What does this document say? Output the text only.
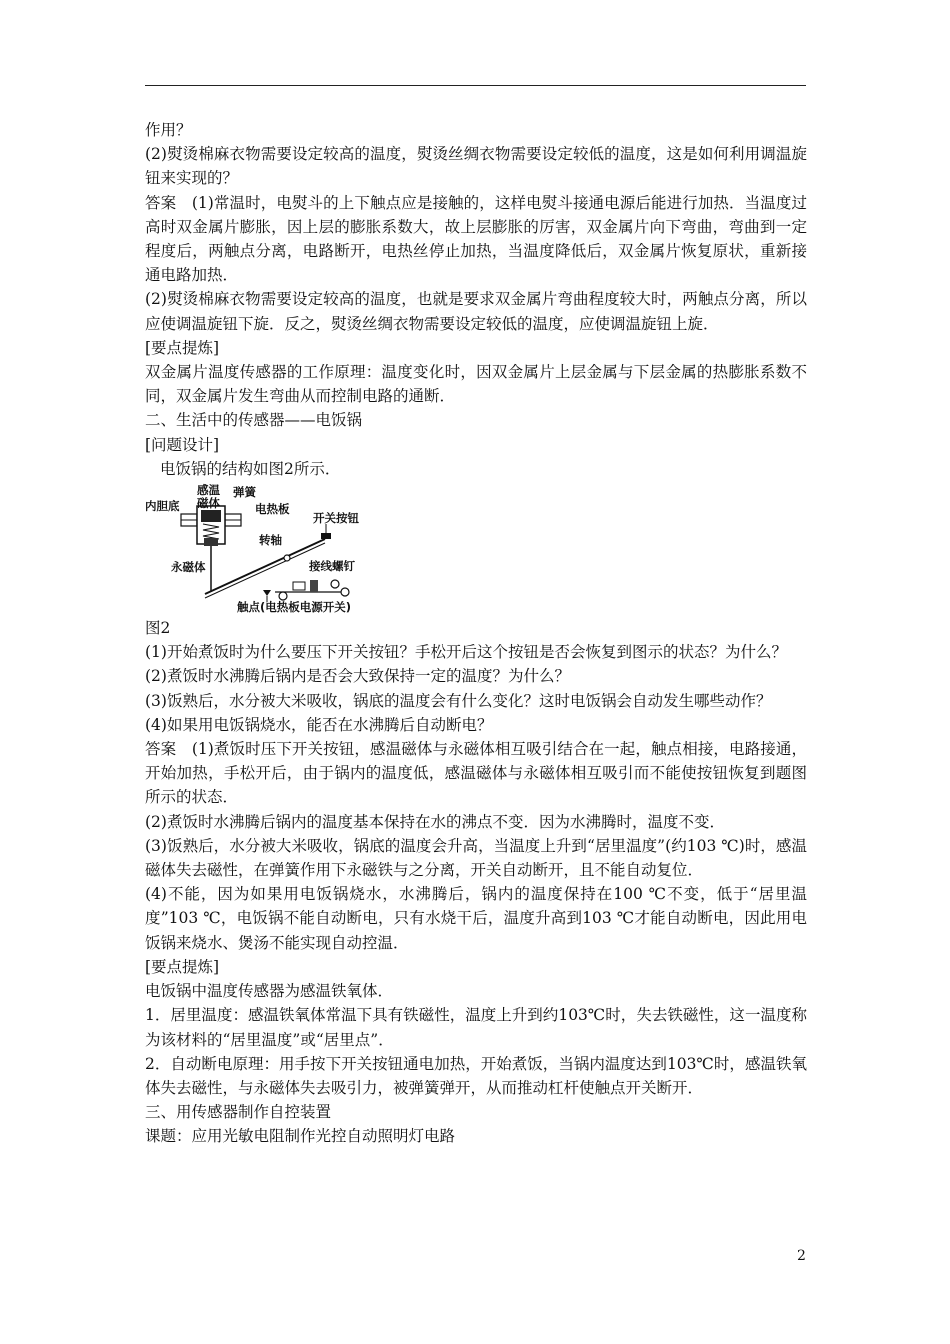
作用？

(2)熨烫棉麻衣物需要设定较高的温度，熨烫丝绸衣物需要设定较低的温度，这是如何利用调温旋钮来实现的？

答案　(1)常温时，电熨斗的上下触点应是接触的，这样电熨斗接通电源后能进行加热．当温度过高时双金属片膨胀，因上层的膨胀系数大，故上层膨胀的厉害，双金属片向下弯曲，弯曲到一定程度后，两触点分离，电路断开，电热丝停止加热，当温度降低后，双金属片恢复原状，重新接通电路加热．

(2)熨烫棉麻衣物需要设定较高的温度，也就是要求双金属片弯曲程度较大时，两触点分离，所以应使调温旋钮下旋．反之，熨烫丝绸衣物需要设定较低的温度，应使调温旋钮上旋．

[要点提炼]

双金属片温度传感器的工作原理：温度变化时，因双金属片上层金属与下层金属的热膨胀系数不同，双金属片发生弯曲从而控制电路的通断．

二、生活中的传感器——电饭锅

[问题设计]

电饭锅的结构如图2所示．

内胆底
感温磁体
弹簧
电热板
开关按钮
转轴
永磁体	接线螺钉
触点(电热板电源开关)

图2

(1)开始煮饭时为什么要压下开关按钮？手松开后这个按钮是否会恢复到图示的状态？为什么？

(2)煮饭时水沸腾后锅内是否会大致保持一定的温度？为什么？

(3)饭熟后，水分被大米吸收，锅底的温度会有什么变化？这时电饭锅会自动发生哪些动作？

(4)如果用电饭锅烧水，能否在水沸腾后自动断电？

答案　(1)煮饭时压下开关按钮，感温磁体与永磁体相互吸引结合在一起，触点相接，电路接通，开始加热，手松开后，由于锅内的温度低，感温磁体与永磁体相互吸引而不能使按钮恢复到题图所示的状态．

(2)煮饭时水沸腾后锅内的温度基本保持在水的沸点不变．因为水沸腾时，温度不变．

(3)饭熟后，水分被大米吸收，锅底的温度会升高，当温度上升到“居里温度”(约103 ℃)时，感温磁体失去磁性，在弹簧作用下永磁铁与之分离，开关自动断开，且不能自动复位．

(4)不能，因为如果用电饭锅烧水，水沸腾后，锅内的温度保持在100 ℃不变，低于“居里温度”103 ℃，电饭锅不能自动断电，只有水烧干后，温度升高到103 ℃才能自动断电，因此用电饭锅来烧水、煲汤不能实现自动控温．

[要点提炼]

电饭锅中温度传感器为感温铁氧体．

1．居里温度：感温铁氧体常温下具有铁磁性，温度上升到约103℃时，失去铁磁性，这一温度称为该材料的“居里温度”或“居里点”．

2．自动断电原理：用手按下开关按钮通电加热，开始煮饭，当锅内温度达到103℃时，感温铁氧体失去磁性，与永磁体失去吸引力，被弹簧弹开，从而推动杠杆使触点开关断开．

三、用传感器制作自控装置

课题：应用光敏电阻制作光控自动照明灯电路

2
